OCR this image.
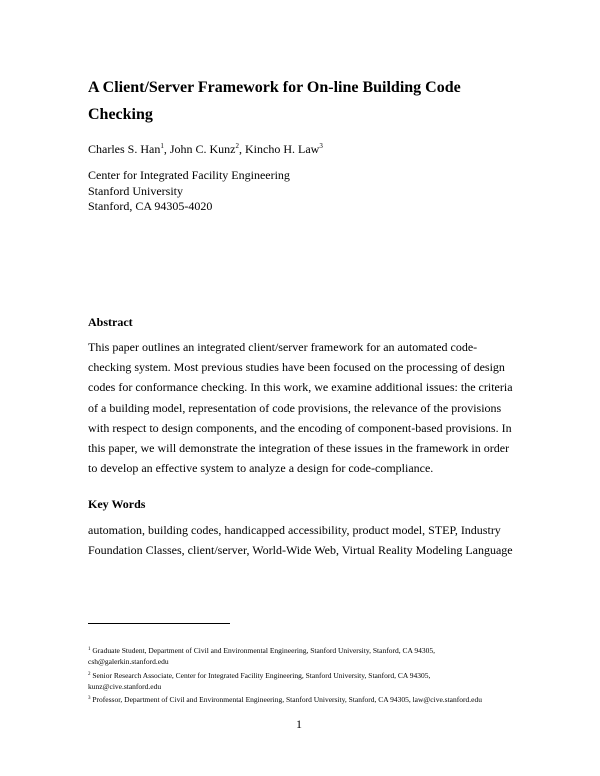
A Client/Server Framework for On-line Building Code
Checking
Charles S. Han$^1$, John C. Kunz$^2$, Kincho H. Law$^3$
Center for Integrated Facility Engineering
Stanford University
Stanford, CA 94305-4020
Abstract
This paper outlines an integrated client/server framework for an automated code-
checking system. Most previous studies have been focused on the processing of design
codes for conformance checking. In this work, we examine additional issues: the criteria
of a building model, representation of code provisions, the relevance of the provisions
with respect to design components, and the encoding of component-based provisions. In
this paper, we will demonstrate the integration of these issues in the framework in order
to develop an effective system to analyze a design for code-compliance.
Key Words
automation, building codes, handicapped accessibility, product model, STEP, Industry
Foundation Classes, client/server, World-Wide Web, Virtual Reality Modeling Language
$^1$ Graduate Student, Department of Civil and Environmental Engineering, Stanford University, Stanford, CA 94305,
csh@galerkin.stanford.edu
$^2$ Senior Research Associate, Center for Integrated Facility Engineering, Stanford University, Stanford, CA 94305,
kunz@cive.stanford.edu
$^3$ Professor, Department of Civil and Environmental Engineering, Stanford University, Stanford, CA 94305, law@cive.stanford.edu
1
